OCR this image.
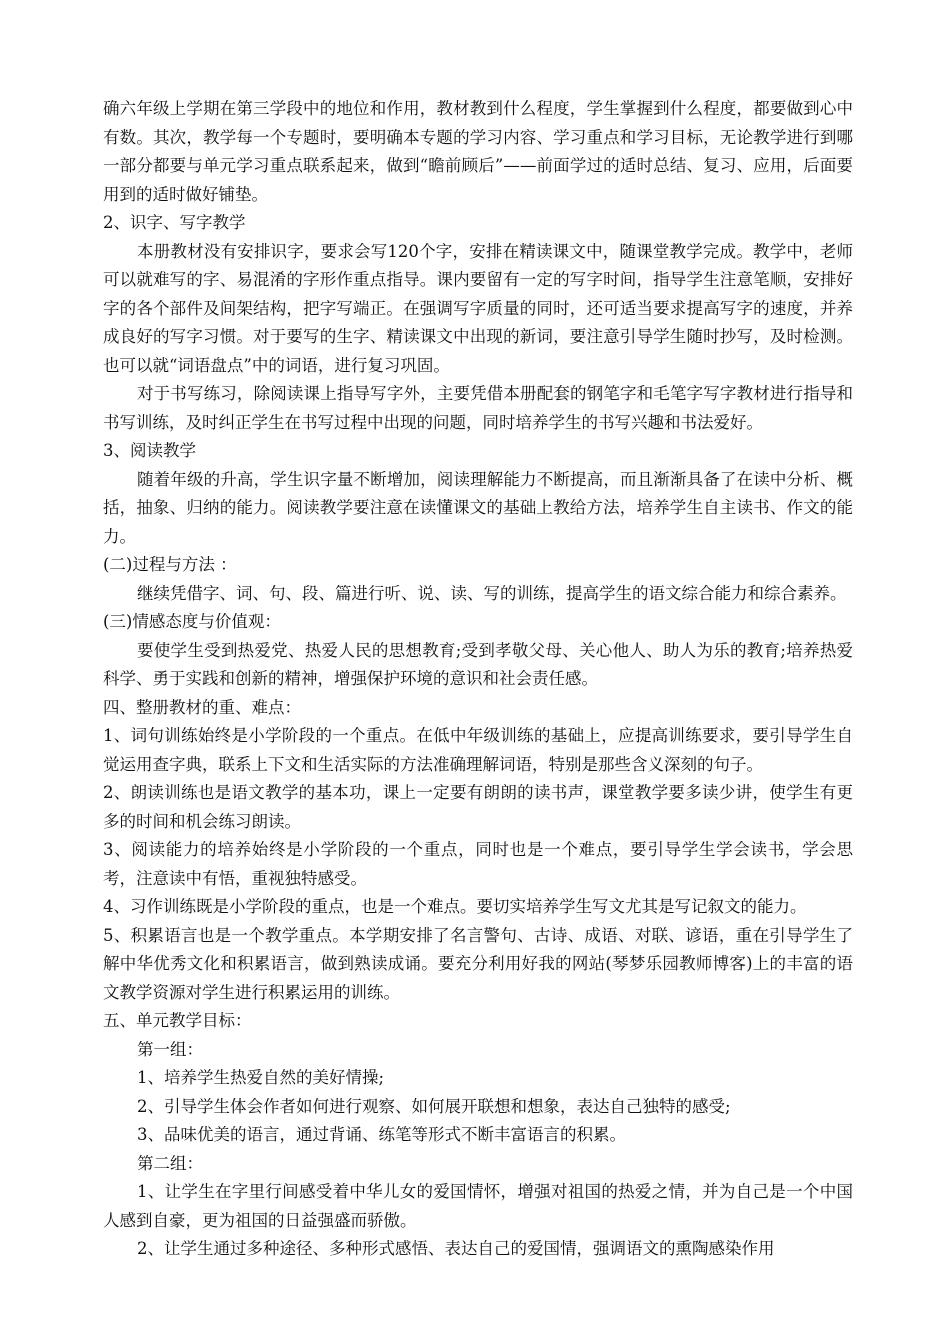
确六年级上学期在第三学段中的地位和作用，教材教到什么程度，学生掌握到什么程度，都要做到心中有数。其次，教学每一个专题时，要明确本专题的学习内容、学习重点和学习目标，无论教学进行到哪一部分都要与单元学习重点联系起来，做到“瞻前顾后”——前面学过的适时总结、复习、应用，后面要用到的适时做好铺垫。

2、识字、写字教学

本册教材没有安排识字，要求会写120个字，安排在精读课文中，随课堂教学完成。教学中，老师可以就难写的字、易混淆的字形作重点指导。课内要留有一定的写字时间，指导学生注意笔顺，安排好字的各个部件及间架结构，把字写端正。在强调写字质量的同时，还可适当要求提高写字的速度，并养成良好的写字习惯。对于要写的生字、精读课文中出现的新词，要注意引导学生随时抄写，及时检测。也可以就“词语盘点”中的词语，进行复习巩固。

对于书写练习，除阅读课上指导写字外，主要凭借本册配套的钢笔字和毛笔字写字教材进行指导和书写训练，及时纠正学生在书写过程中出现的问题，同时培养学生的书写兴趣和书法爱好。

3、阅读教学

随着年级的升高，学生识字量不断增加，阅读理解能力不断提高，而且渐渐具备了在读中分析、概括，抽象、归纳的能力。阅读教学要注意在读懂课文的基础上教给方法，培养学生自主读书、作文的能力。

(二)过程与方法 ：

继续凭借字、词、句、段、篇进行听、说、读、写的训练，提高学生的语文综合能力和综合素养。

(三)情感态度与价值观：

要使学生受到热爱党、热爱人民的思想教育;受到孝敬父母、关心他人、助人为乐的教育;培养热爱科学、勇于实践和创新的精神，增强保护环境的意识和社会责任感。

四、整册教材的重、难点：

1、词句训练始终是小学阶段的一个重点。在低中年级训练的基础上，应提高训练要求，要引导学生自觉运用查字典，联系上下文和生活实际的方法准确理解词语，特别是那些含义深刻的句子。

2、朗读训练也是语文教学的基本功，课上一定要有朗朗的读书声，课堂教学要多读少讲，使学生有更多的时间和机会练习朗读。

3、阅读能力的培养始终是小学阶段的一个重点，同时也是一个难点，要引导学生学会读书，学会思考，注意读中有悟，重视独特感受。

4、习作训练既是小学阶段的重点，也是一个难点。要切实培养学生写文尤其是写记叙文的能力。

5、积累语言也是一个教学重点。本学期安排了名言警句、古诗、成语、对联、谚语，重在引导学生了解中华优秀文化和积累语言，做到熟读成诵。要充分利用好我的网站(琴梦乐园教师博客)上的丰富的语文教学资源对学生进行积累运用的训练。

五、单元教学目标：

第一组：

1、培养学生热爱自然的美好情操;

2、引导学生体会作者如何进行观察、如何展开联想和想象，表达自己独特的感受;

3、品味优美的语言，通过背诵、练笔等形式不断丰富语言的积累。

第二组：

1、让学生在字里行间感受着中华儿女的爱国情怀，增强对祖国的热爱之情，并为自己是一个中国人感到自豪，更为祖国的日益强盛而骄傲。

2、让学生通过多种途径、多种形式感悟、表达自己的爱国情，强调语文的熏陶感染作用
